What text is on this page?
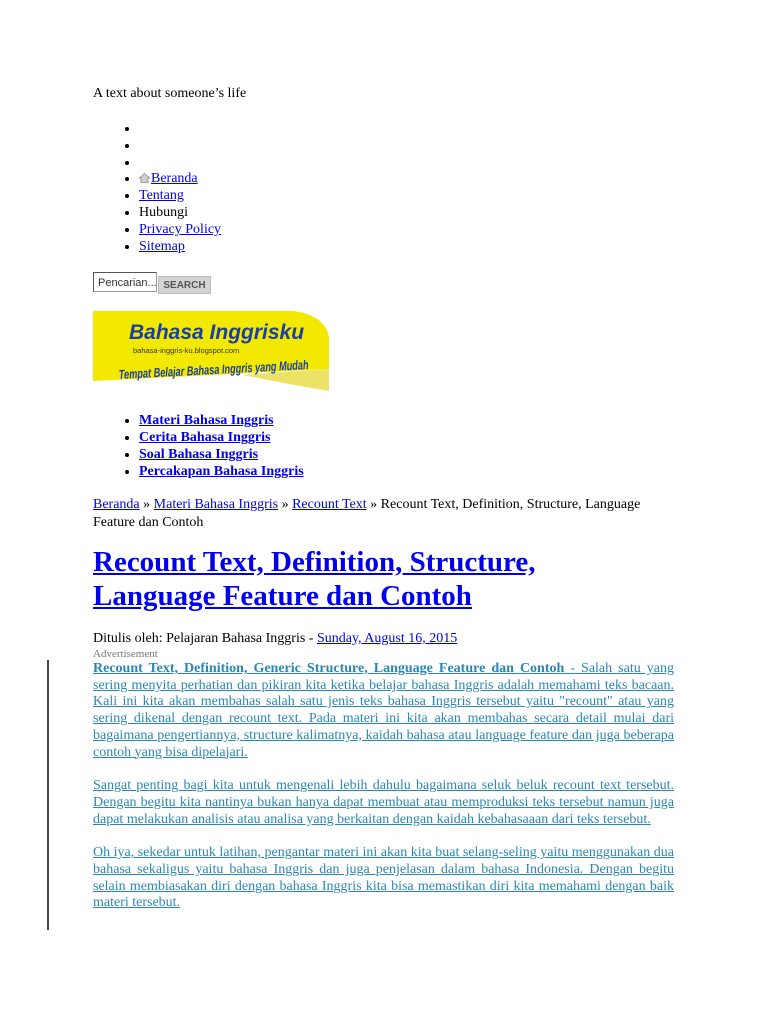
A text about someone’s life
•
•
•
• Beranda
• Tentang
• Hubungi
• Privacy Policy
• Sitemap
Pencarian... SEARCH
Bahasa Inggrisku
bahasa-inggris-ku.blogspot.com
Tempat Belajar Bahasa Inggris yang Mudah
• Materi Bahasa Inggris
• Cerita Bahasa Inggris
• Soal Bahasa Inggris
• Percakapan Bahasa Inggris
Beranda » Materi Bahasa Inggris » Recount Text » Recount Text, Definition, Structure, Language Feature dan Contoh
Recount Text, Definition, Structure, Language Feature dan Contoh
Ditulis oleh: Pelajaran Bahasa Inggris - Sunday, August 16, 2015
Advertisement

Recount Text, Definition, Generic Structure, Language Feature dan Contoh - Salah satu yang sering menyita perhatian dan pikiran kita ketika belajar bahasa Inggris adalah memahami teks bacaan. Kali ini kita akan membahas salah satu jenis teks bahasa Inggris tersebut yaitu "recount" atau yang sering dikenal dengan recount text. Pada materi ini kita akan membahas secara detail mulai dari bagaimana pengertiannya, structure kalimatnya, kaidah bahasa atau language feature dan juga beberapa contoh yang bisa dipelajari.

Sangat penting bagi kita untuk mengenali lebih dahulu bagaimana seluk beluk recount text tersebut. Dengan begitu kita nantinya bukan hanya dapat membuat atau memproduksi teks tersebut namun juga dapat melakukan analisis atau analisa yang berkaitan dengan kaidah kebahasaaan dari teks tersebut.

Oh iya, sekedar untuk latihan, pengantar materi ini akan kita buat selang-seling yaitu menggunakan dua bahasa sekaligus yaitu bahasa Inggris dan juga penjelasan dalam bahasa Indonesia. Dengan begitu selain membiasakan diri dengan bahasa Inggris kita bisa memastikan diri kita memahami dengan baik materi tersebut.
